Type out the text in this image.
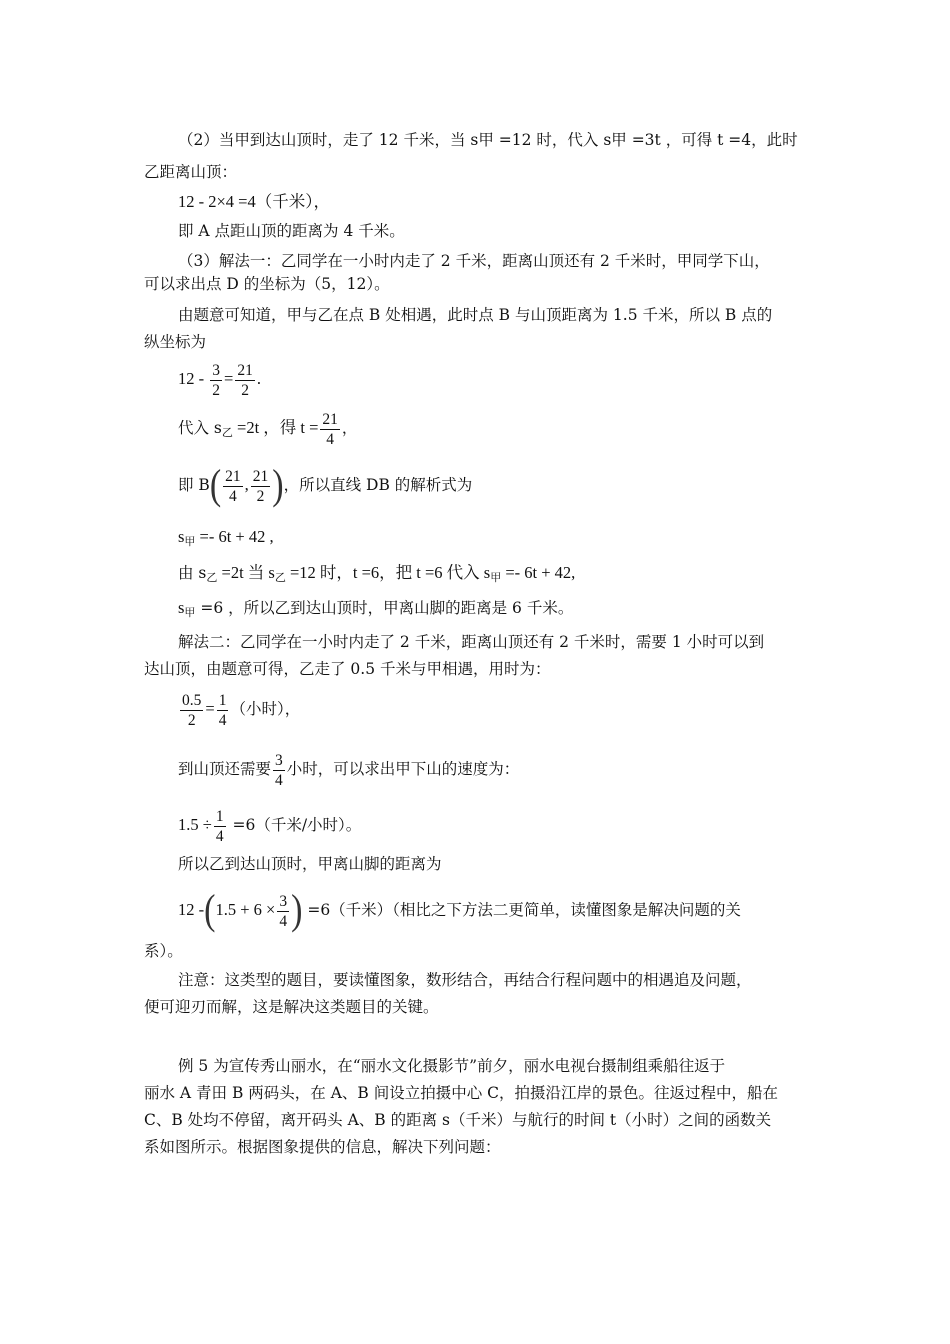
（2）当甲到达山顶时，走了 12 千米，当 s甲 =12 时，代入 s甲 =3t ，可得 t =4，此时
乙距离山顶：
12 - 2×4 =4（千米），
即 A 点距山顶的距离为 4 千米。
（3）解法一：乙同学在一小时内走了 2 千米，距离山顶还有 2 千米时，甲同学下山，
可以求出点 D 的坐标为（5，12）。
由题意可知道，甲与乙在点 B 处相遇，此时点 B 与山顶距离为 1.5 千米，所以 B 点的
纵坐标为
$12 - \frac{3}{2} = \frac{21}{2}$ .
代入 $s_乙 =2t$ ，得 $t = \frac{21}{4}$ ，
即 $B( \frac{21}{4}$ , $\frac{21}{2}$ )，所以直线 DB 的解析式为
$s_甲 =- 6t + 42$ ,
由 $s_乙 =2t$ 当 $s_乙 =12$ 时，t =6，把 t =6 代入 $s_甲 =- 6t + 42$,
$s_甲 =6$ ，所以乙到达山顶时，甲离山脚的距离是 6 千米。
解法二：乙同学在一小时内走了 2 千米，距离山顶还有 2 千米时，需要 1 小时可以到
达山顶，由题意可得，乙走了 0.5 千米与甲相遇，用时为：
$\frac{0.5}{2} = \frac{1}{4}$ （小时），
到山顶还需要 $\frac{3}{4}$ 小时，可以求出甲下山的速度为：
$1.5 \div \frac{1}{4} =6$（千米/小时）。
所以乙到达山顶时，甲离山脚的距离为
12 $-(1.5 + 6 \times \frac{3}{4}$ ) =6（千米）（相比之下方法二更简单，读懂图象是解决问题的关
系）。
注意：这类型的题目，要读懂图象，数形结合，再结合行程问题中的相遇追及问题，
便可迎刃而解，这是解决这类题目的关键。
例 5 为宣传秀山丽水，在“丽水文化摄影节”前夕，丽水电视台摄制组乘船往返于
丽水 A 青田 B 两码头，在 A、B 间设立拍摄中心 C，拍摄沿江岸的景色。往返过程中，船在
C、B 处均不停留，离开码头 A、B 的距离 s（千米）与航行的时间 t（小时）之间的函数关
系如图所示。根据图象提供的信息，解决下列问题：
